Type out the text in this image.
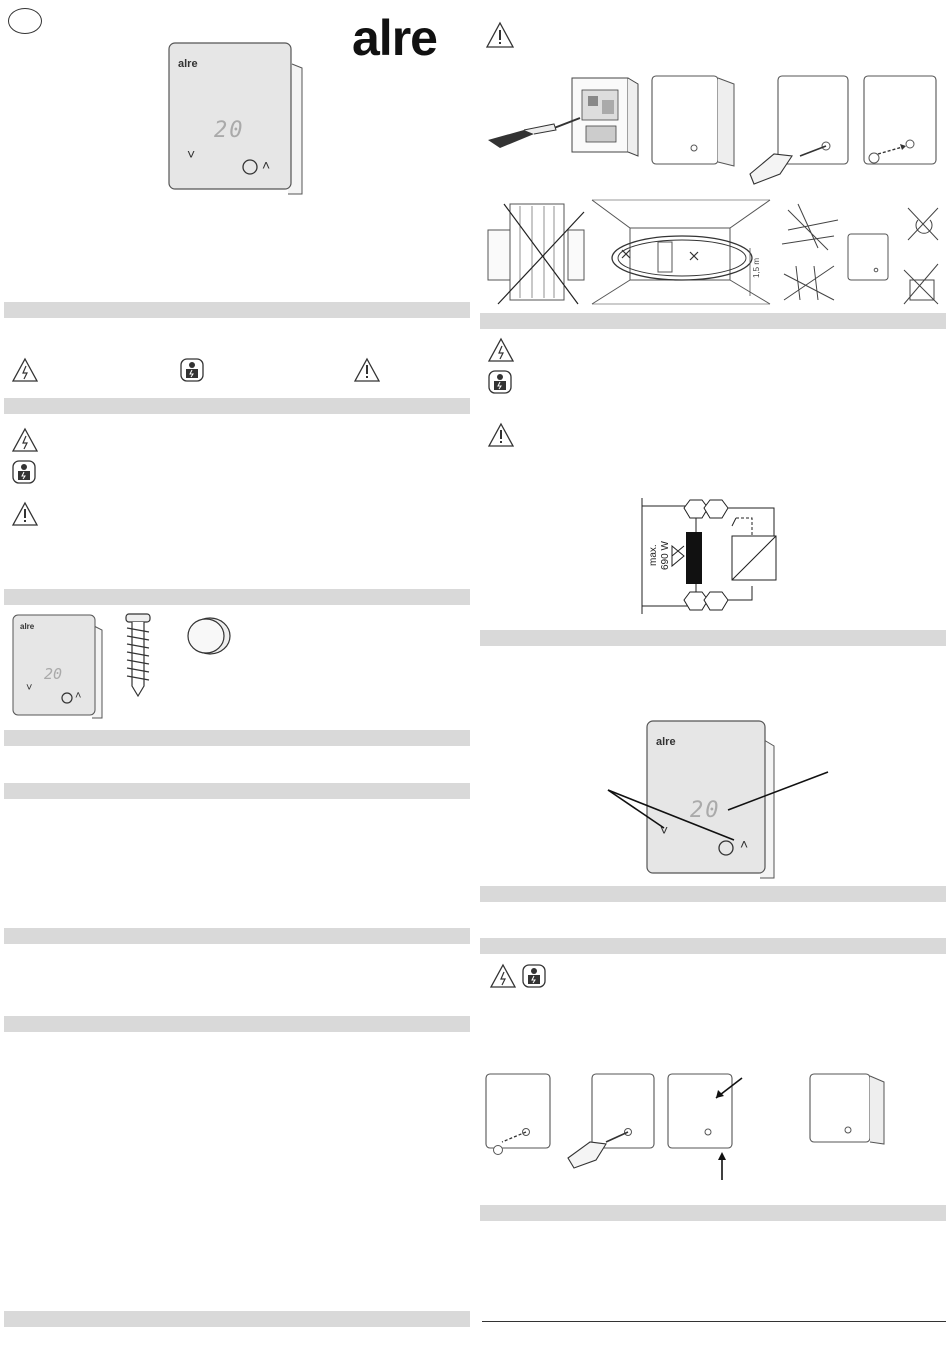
alre
alre
20
˅
˄
alre
20
˅
˄
1,5 m
max. 690 W
alre
20
˅
˄
